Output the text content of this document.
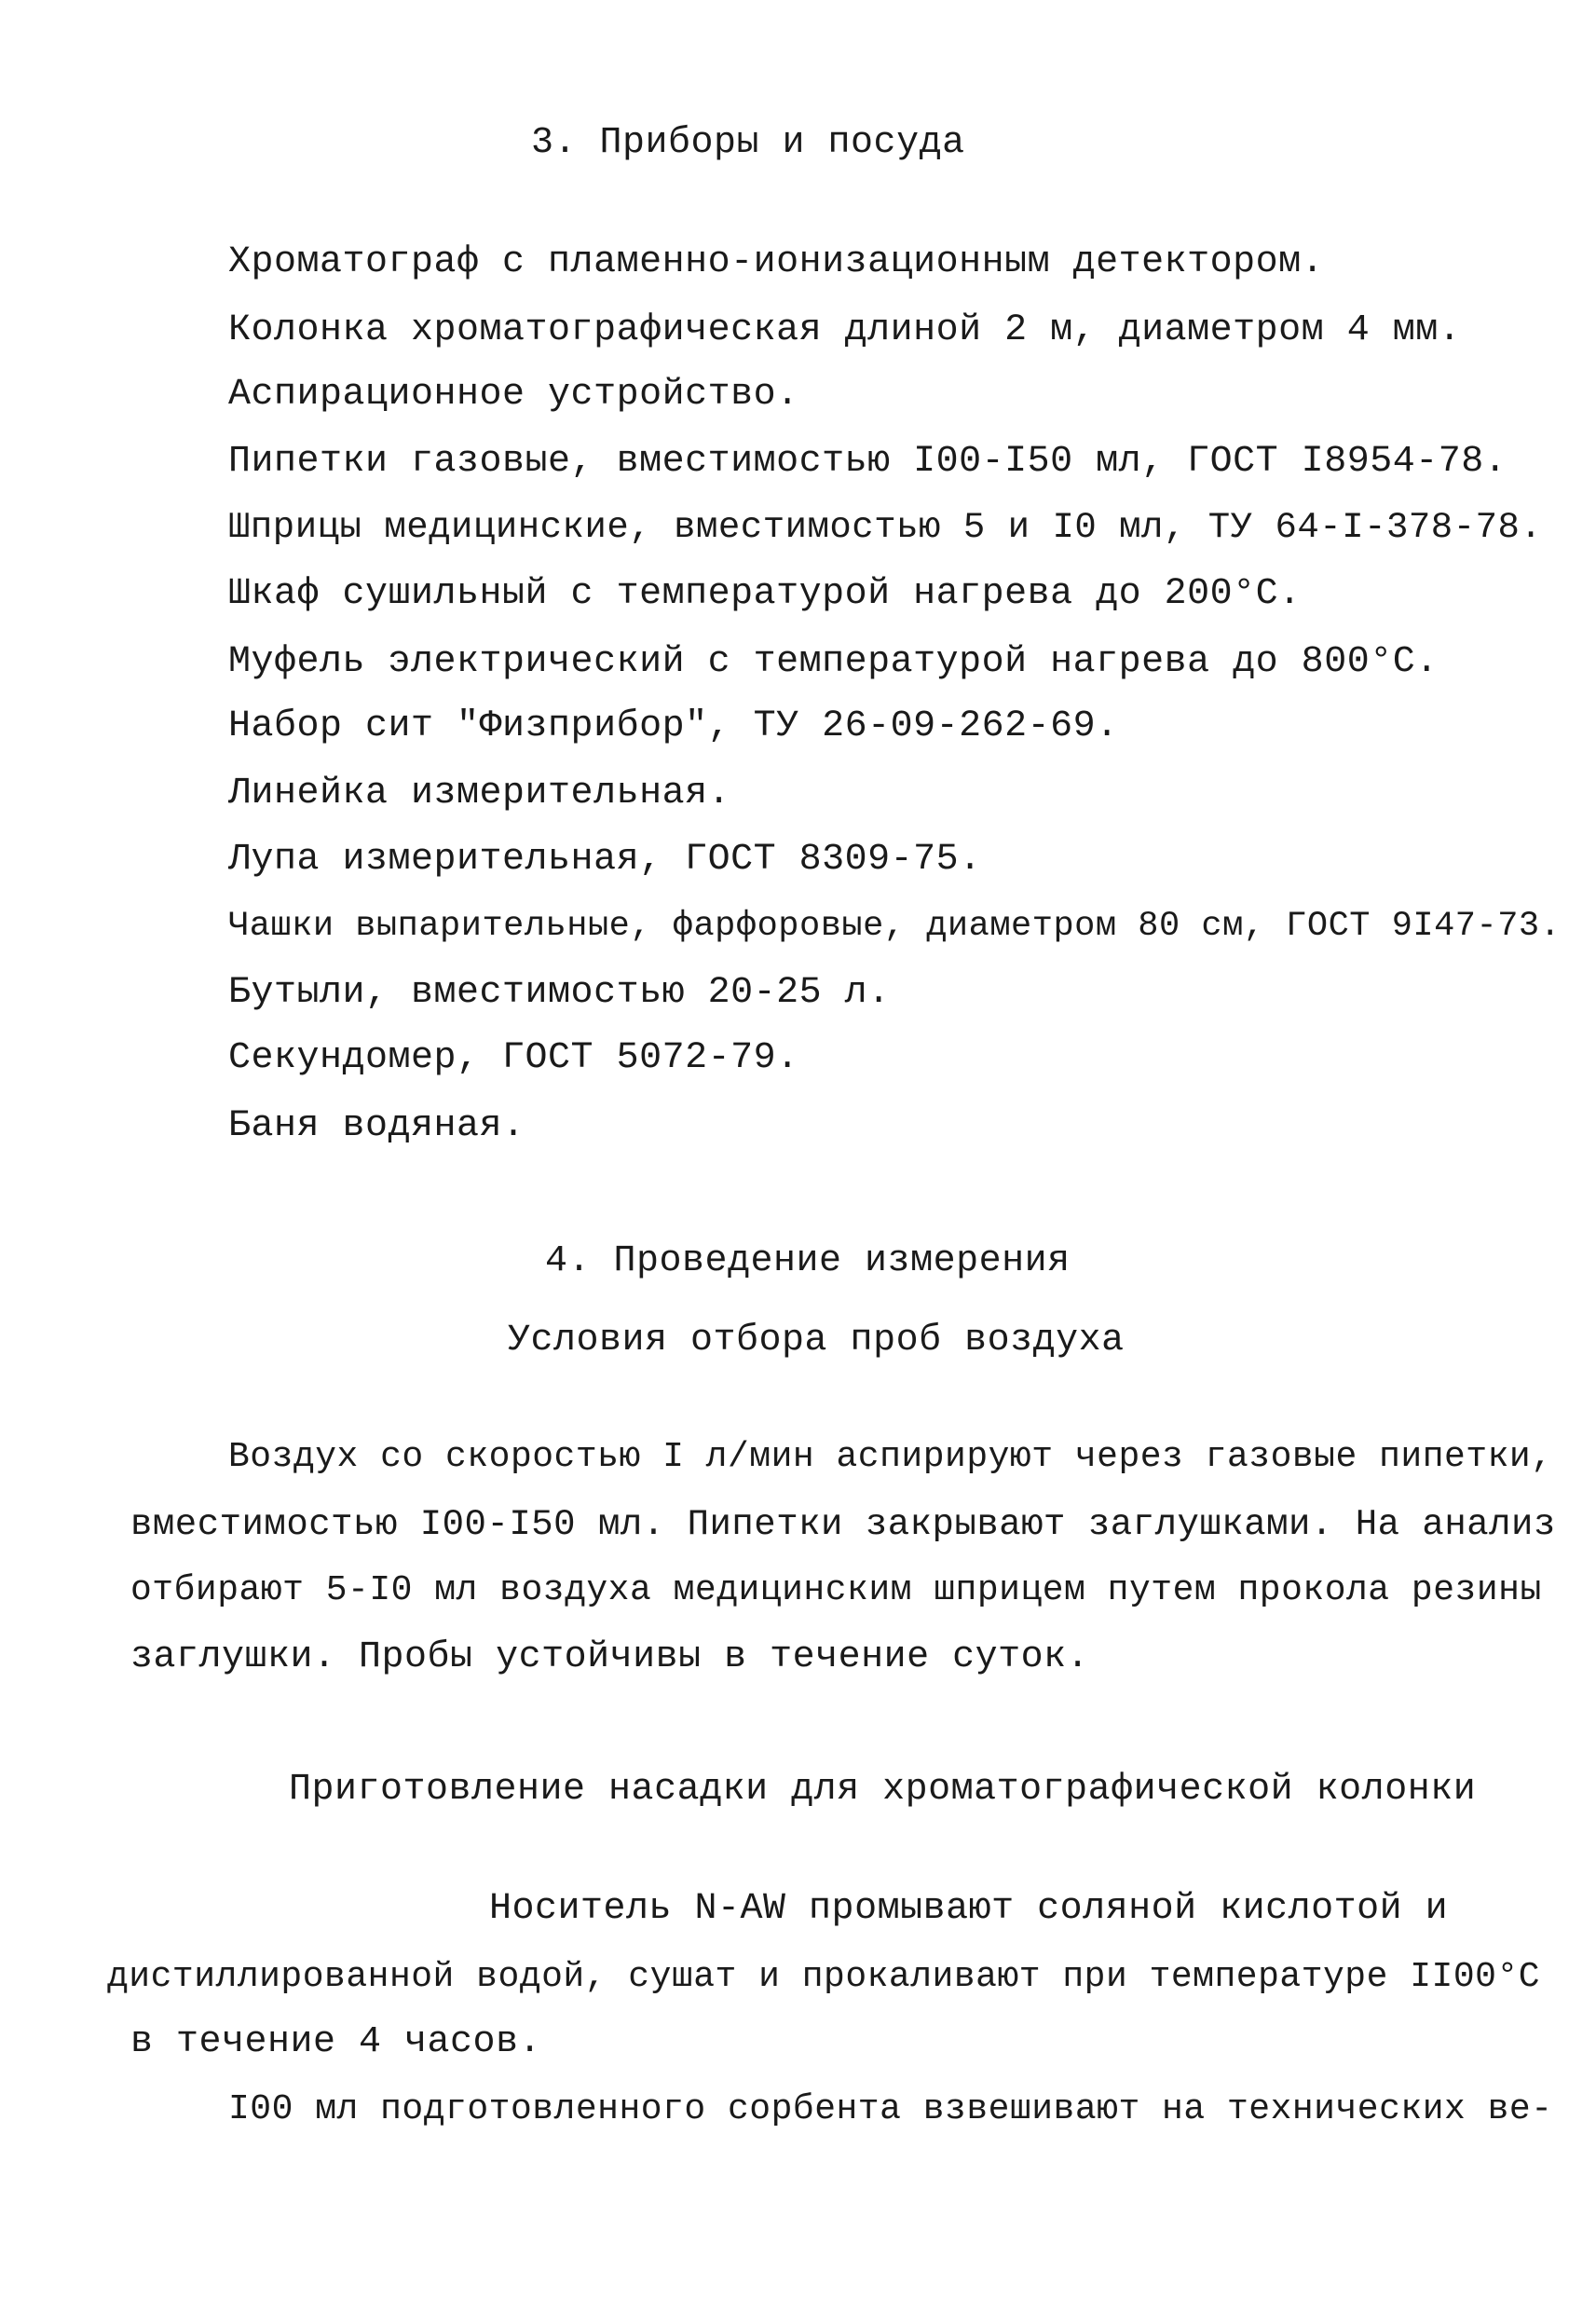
3. Приборы и посуда
Хроматограф с пламенно-ионизационным детектором.
Колонка хроматографическая длиной 2 м, диаметром 4 мм.
Аспирационное устройство.
Пипетки газовые, вместимостью I00-I50 мл, ГОСТ I8954-78.
Шприцы медицинские, вместимостью 5 и I0 мл, ТУ 64-I-378-78.
Шкаф сушильный с температурой нагрева до 200°С.
Муфель электрический с температурой нагрева до 800°С.
Набор сит "Физприбор", ТУ 26-09-262-69.
Линейка измерительная.
Лупа измерительная, ГОСТ 8309-75.
Чашки выпарительные, фарфоровые, диаметром 80 см, ГОСТ 9I47-73.
Бутыли, вместимостью 20-25 л.
Секундомер, ГОСТ 5072-79.
Баня водяная.
4. Проведение измерения
Условия отбора проб воздуха
Воздух со скоростью I л/мин аспирируют через газовые пипетки,
вместимостью I00-I50 мл. Пипетки закрывают заглушками. На анализ
отбирают 5-I0 мл воздуха медицинским шприцем путем прокола резины
заглушки. Пробы устойчивы в течение суток.
Приготовление насадки для хроматографической колонки
Носитель N-AW промывают соляной кислотой и
дистиллированной водой, сушат и прокаливают при температуре II00°С
в течение 4 часов.
I00 мл подготовленного сорбента взвешивают на технических ве-
